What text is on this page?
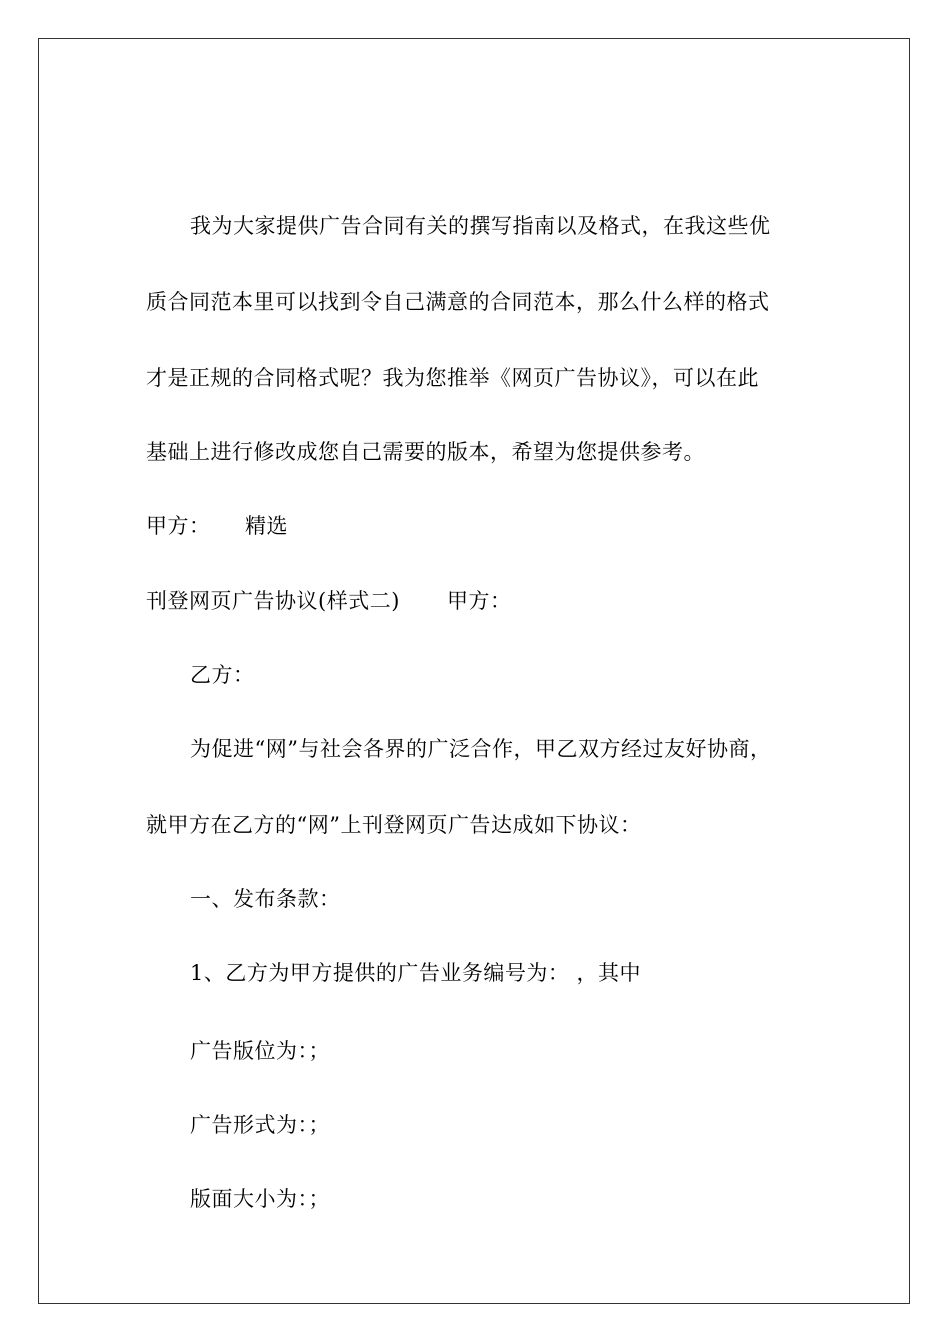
我为大家提供广告合同有关的撰写指南以及格式，在我这些优
质合同范本里可以找到令自己满意的合同范本，那么什么样的格式
才是正规的合同格式呢？我为您推举《网页广告协议》，可以在此
基础上进行修改成您自己需要的版本，希望为您提供参考。
甲方： 精选
刊登网页广告协议(样式二) 甲方：
乙方：
为促进“网”与社会各界的广泛合作，甲乙双方经过友好协商，
就甲方在乙方的“网”上刊登网页广告达成如下协议：
一、发布条款：
1、乙方为甲方提供的广告业务编号为： ，其中
广告版位为：；
广告形式为：；
版面大小为：；
